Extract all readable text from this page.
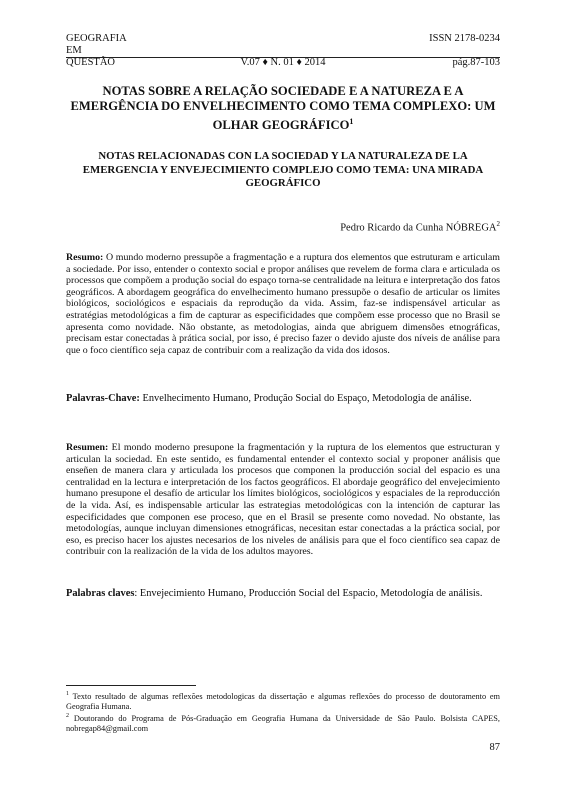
GEOGRAFIA	ISSN 2178-0234
EM
QUESTÃO	V.07 ♦ N. 01 ♦ 2014	pág.87-103
NOTAS SOBRE A RELAÇÃO SOCIEDADE E A NATUREZA E A EMERGÊNCIA DO ENVELHECIMENTO COMO TEMA COMPLEXO: UM OLHAR GEOGRÁFICO$^1$
NOTAS RELACIONADAS CON LA SOCIEDAD Y LA NATURALEZA DE LA EMERGENCIA Y ENVEJECIMIENTO COMPLEJO COMO TEMA: UNA MIRADA GEOGRÁFICO
Pedro Ricardo da Cunha NÓBREGA$^2$
Resumo: O mundo moderno pressupõe a fragmentação e a ruptura dos elementos que estruturam e articulam a sociedade. Por isso, entender o contexto social e propor análises que revelem de forma clara e articulada os processos que compõem a produção social do espaço torna-se centralidade na leitura e interpretação dos fatos geográficos. A abordagem geográfica do envelhecimento humano pressupõe o desafio de articular os limites biológicos, sociológicos e espaciais da reprodução da vida. Assim, faz-se indispensável articular as estratégias metodológicas a fim de capturar as especificidades que compõem esse processo que no Brasil se apresenta como novidade. Não obstante, as metodologias, ainda que abriguem dimensões etnográficas, precisam estar conectadas à prática social, por isso, é preciso fazer o devido ajuste dos níveis de análise para que o foco científico seja capaz de contribuir com a realização da vida dos idosos.
Palavras-Chave: Envelhecimento Humano, Produção Social do Espaço, Metodologia de análise.
Resumen: El mondo moderno presupone la fragmentación y la ruptura de los elementos que estructuran y articulan la sociedad. En este sentido, es fundamental entender el contexto social y proponer análisis que enseñen de manera clara y articulada los procesos que componen la producción social del espacio es una centralidad en la lectura e interpretación de los factos geográficos. El abordaje geográfico del envejecimiento humano presupone el desafío de articular los límites biológicos, sociológicos y espaciales de la reproducción de la vida. Así, es indispensable articular las estrategias metodológicas con la intención de capturar las especificidades que componen ese proceso, que en el Brasil se presente como novedad. No obstante, las metodologías, aunque incluyan dimensiones etnográficas, necesitan estar conectadas a la práctica social, por eso, es preciso hacer los ajustes necesarios de los niveles de análisis para que el foco científico sea capaz de contribuir con la realización de la vida de los adultos mayores.
Palabras claves: Envejecimiento Humano, Producción Social del Espacio, Metodología de análisis.
$^1$ Texto resultado de algumas reflexões metodologicas da dissertação e algumas reflexões do processo de doutoramento em Geografia Humana.
$^2$ Doutorando do Programa de Pós-Graduação em Geografia Humana da Universidade de São Paulo. Bolsista CAPES, nobregap84@gmail.com
87
